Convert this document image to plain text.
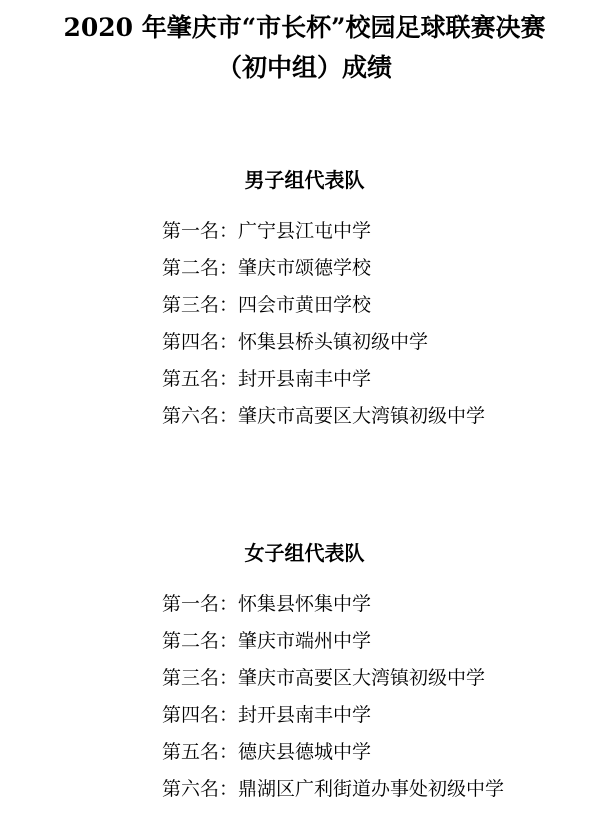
2020 年肇庆市“市长杯”校园足球联赛决赛
（初中组）成绩
男子组代表队
第一名： 广宁县江屯中学
第二名： 肇庆市颂德学校
第三名： 四会市黄田学校
第四名： 怀集县桥头镇初级中学
第五名： 封开县南丰中学
第六名： 肇庆市高要区大湾镇初级中学
女子组代表队
第一名： 怀集县怀集中学
第二名： 肇庆市端州中学
第三名： 肇庆市高要区大湾镇初级中学
第四名： 封开县南丰中学
第五名： 德庆县德城中学
第六名： 鼎湖区广利街道办事处初级中学
